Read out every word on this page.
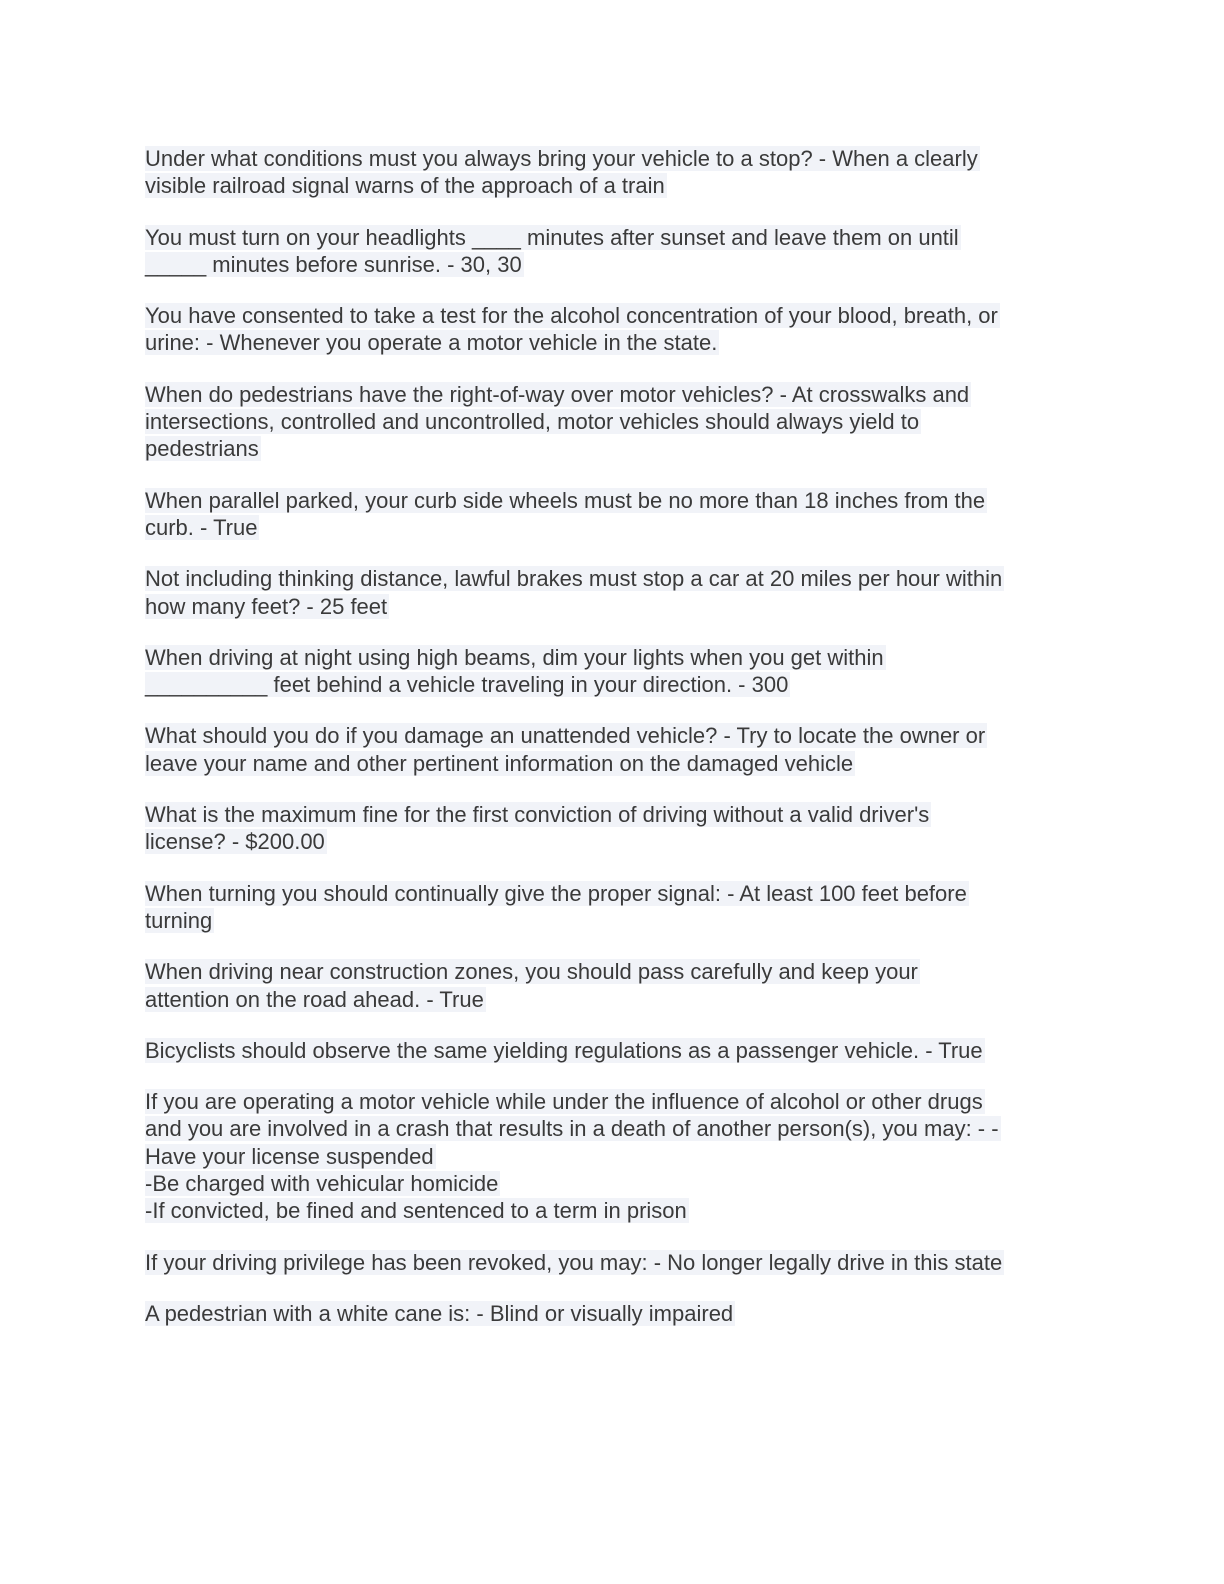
Under what conditions must you always bring your vehicle to a stop? - When a clearly
visible railroad signal warns of the approach of a train
You must turn on your headlights ____ minutes after sunset and leave them on until
_____ minutes before sunrise. - 30, 30
You have consented to take a test for the alcohol concentration of your blood, breath, or
urine: - Whenever you operate a motor vehicle in the state.
When do pedestrians have the right-of-way over motor vehicles? - At crosswalks and
intersections, controlled and uncontrolled, motor vehicles should always yield to
pedestrians
When parallel parked, your curb side wheels must be no more than 18 inches from the
curb. - True
Not including thinking distance, lawful brakes must stop a car at 20 miles per hour within
how many feet? - 25 feet
When driving at night using high beams, dim your lights when you get within
__________ feet behind a vehicle traveling in your direction. - 300
What should you do if you damage an unattended vehicle? - Try to locate the owner or
leave your name and other pertinent information on the damaged vehicle
What is the maximum fine for the first conviction of driving without a valid driver's
license? - $200.00
When turning you should continually give the proper signal: - At least 100 feet before
turning
When driving near construction zones, you should pass carefully and keep your
attention on the road ahead. - True
Bicyclists should observe the same yielding regulations as a passenger vehicle. - True
If you are operating a motor vehicle while under the influence of alcohol or other drugs
and you are involved in a crash that results in a death of another person(s), you may: - -
Have your license suspended
-Be charged with vehicular homicide
-If convicted, be fined and sentenced to a term in prison
If your driving privilege has been revoked, you may: - No longer legally drive in this state
A pedestrian with a white cane is: - Blind or visually impaired
